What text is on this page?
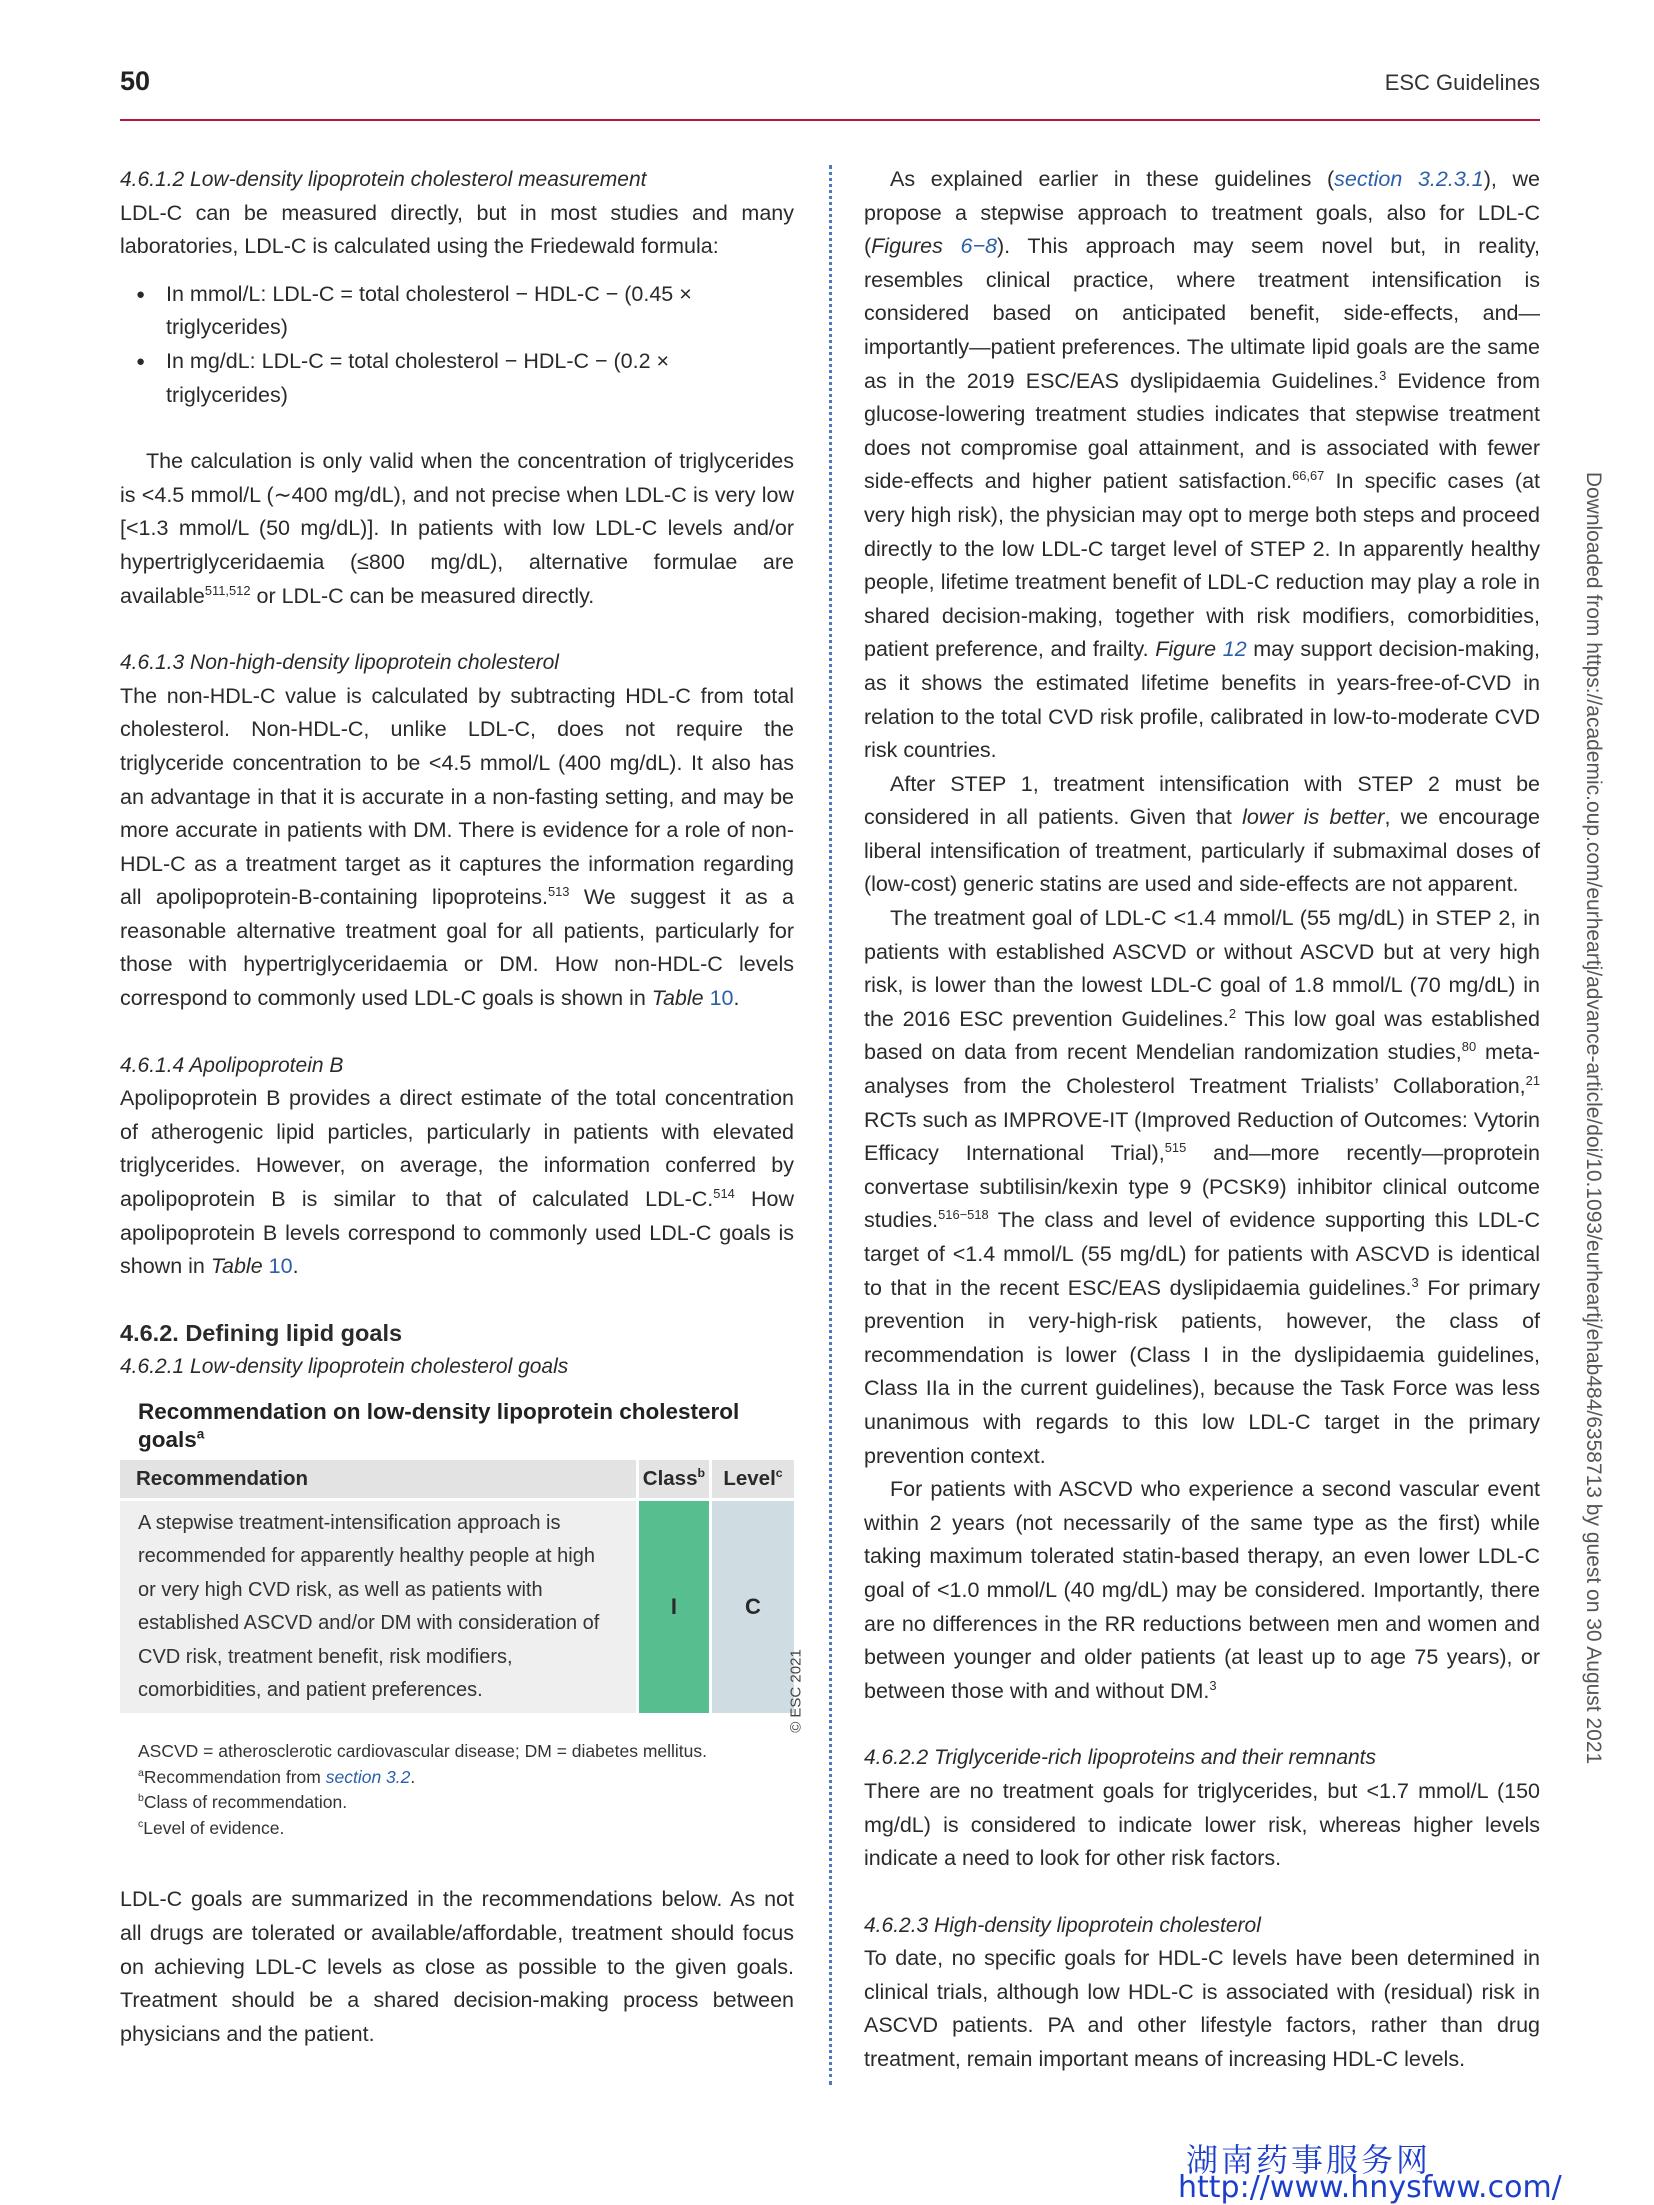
50	ESC Guidelines

4.6.1.2 Low-density lipoprotein cholesterol measurement

LDL-C can be measured directly, but in most studies and many laboratories, LDL-C is calculated using the Friedewald formula:

● In mmol/L: LDL-C = total cholesterol − HDL-C − (0.45 × triglycerides)
● In mg/dL: LDL-C = total cholesterol − HDL-C − (0.2 × triglycerides)

The calculation is only valid when the concentration of triglycerides is <4.5 mmol/L (∼400 mg/dL), and not precise when LDL-C is very low [<1.3 mmol/L (50 mg/dL)]. In patients with low LDL-C levels and/or hypertriglyceridaemia (≤800 mg/dL), alternative formulae are available$^{511,512}$ or LDL-C can be measured directly.

4.6.1.3 Non-high-density lipoprotein cholesterol

The non-HDL-C value is calculated by subtracting HDL-C from total cholesterol. Non-HDL-C, unlike LDL-C, does not require the triglyceride concentration to be <4.5 mmol/L (400 mg/dL). It also has an advantage in that it is accurate in a non-fasting setting, and may be more accurate in patients with DM. There is evidence for a role of non-HDL-C as a treatment target as it captures the information regarding all apolipoprotein-B-containing lipoproteins.$^{513}$ We suggest it as a reasonable alternative treatment goal for all patients, particularly for those with hypertriglyceridaemia or DM. How non-HDL-C levels correspond to commonly used LDL-C goals is shown in Table 10.

4.6.1.4 Apolipoprotein B

Apolipoprotein B provides a direct estimate of the total concentration of atherogenic lipid particles, particularly in patients with elevated triglycerides. However, on average, the information conferred by apolipoprotein B is similar to that of calculated LDL-C.$^{514}$ How apolipoprotein B levels correspond to commonly used LDL-C goals is shown in Table 10.

4.6.2. Defining lipid goals

4.6.2.1 Low-density lipoprotein cholesterol goals

Recommendation on low-density lipoprotein cholesterol goals$^a$
Recommendation	Class$^b$	Level$^c$
A stepwise treatment-intensification approach is recommended for apparently healthy people at high or very high CVD risk, as well as patients with established ASCVD and/or DM with consideration of CVD risk, treatment benefit, risk modifiers, comorbidities, and patient preferences.	I	C
ASCVD = atherosclerotic cardiovascular disease; DM = diabetes mellitus.
$^a$Recommendation from section 3.2.
$^b$Class of recommendation.
$^c$Level of evidence.

LDL-C goals are summarized in the recommendations below. As not all drugs are tolerated or available/affordable, treatment should focus on achieving LDL-C levels as close as possible to the given goals. Treatment should be a shared decision-making process between physicians and the patient.

© ESC 2021

As explained earlier in these guidelines (section 3.2.3.1), we propose a stepwise approach to treatment goals, also for LDL-C (Figures 6−8). This approach may seem novel but, in reality, resembles clinical practice, where treatment intensification is considered based on anticipated benefit, side-effects, and—importantly—patient preferences. The ultimate lipid goals are the same as in the 2019 ESC/EAS dyslipidaemia Guidelines.$^3$ Evidence from glucose-lowering treatment studies indicates that stepwise treatment does not compromise goal attainment, and is associated with fewer side-effects and higher patient satisfaction.$^{66,67}$ In specific cases (at very high risk), the physician may opt to merge both steps and proceed directly to the low LDL-C target level of STEP 2. In apparently healthy people, lifetime treatment benefit of LDL-C reduction may play a role in shared decision-making, together with risk modifiers, comorbidities, patient preference, and frailty. Figure 12 may support decision-making, as it shows the estimated lifetime benefits in years-free-of-CVD in relation to the total CVD risk profile, calibrated in low-to-moderate CVD risk countries.

After STEP 1, treatment intensification with STEP 2 must be considered in all patients. Given that lower is better, we encourage liberal intensification of treatment, particularly if submaximal doses of (low-cost) generic statins are used and side-effects are not apparent.

The treatment goal of LDL-C <1.4 mmol/L (55 mg/dL) in STEP 2, in patients with established ASCVD or without ASCVD but at very high risk, is lower than the lowest LDL-C goal of 1.8 mmol/L (70 mg/dL) in the 2016 ESC prevention Guidelines.$^2$ This low goal was established based on data from recent Mendelian randomization studies,$^{80}$ meta-analyses from the Cholesterol Treatment Trialists’ Collaboration,$^{21}$ RCTs such as IMPROVE-IT (Improved Reduction of Outcomes: Vytorin Efficacy International Trial),$^{515}$ and—more recently—proprotein convertase subtilisin/kexin type 9 (PCSK9) inhibitor clinical outcome studies.$^{516-518}$ The class and level of evidence supporting this LDL-C target of <1.4 mmol/L (55 mg/dL) for patients with ASCVD is identical to that in the recent ESC/EAS dyslipidaemia guidelines.$^3$ For primary prevention in very-high-risk patients, however, the class of recommendation is lower (Class I in the dyslipidaemia guidelines, Class IIa in the current guidelines), because the Task Force was less unanimous with regards to this low LDL-C target in the primary prevention context.

For patients with ASCVD who experience a second vascular event within 2 years (not necessarily of the same type as the first) while taking maximum tolerated statin-based therapy, an even lower LDL-C goal of <1.0 mmol/L (40 mg/dL) may be considered. Importantly, there are no differences in the RR reductions between men and women and between younger and older patients (at least up to age 75 years), or between those with and without DM.$^3$

4.6.2.2 Triglyceride-rich lipoproteins and their remnants

There are no treatment goals for triglycerides, but <1.7 mmol/L (150 mg/dL) is considered to indicate lower risk, whereas higher levels indicate a need to look for other risk factors.

4.6.2.3 High-density lipoprotein cholesterol

To date, no specific goals for HDL-C levels have been determined in clinical trials, although low HDL-C is associated with (residual) risk in ASCVD patients. PA and other lifestyle factors, rather than drug treatment, remain important means of increasing HDL-C levels.

Downloaded from https://academic.oup.com/eurheartj/advance-article/doi/10.1093/eurheartj/ehab484/6358713 by guest on 30 August 2021
湖南药事服务网
http://www.hnysfww.com/
